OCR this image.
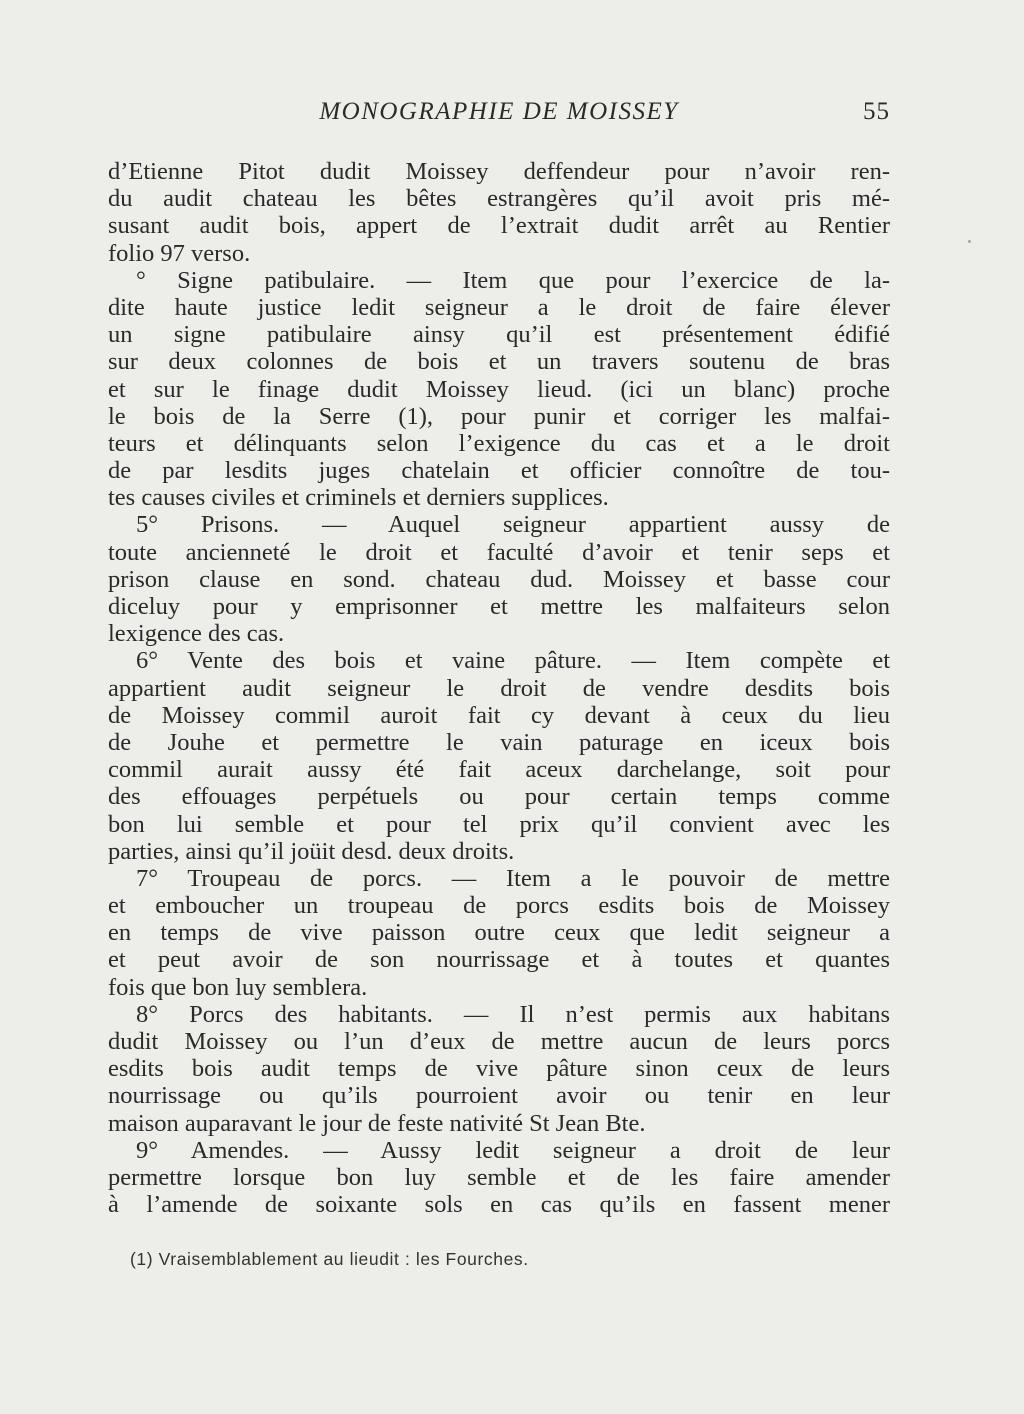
MONOGRAPHIE DE MOISSEY	55
d’Etienne Pitot dudit Moissey deffendeur pour n’avoir ren-
du audit chateau les bêtes estrangères qu’il avoit pris mé-
susant audit bois, appert de l’extrait dudit arrêt au Rentier
folio 97 verso.
° Signe patibulaire. — Item que pour l’exercice de la-
dite haute justice ledit seigneur a le droit de faire élever
un signe patibulaire ainsy qu’il est présentement édifié
sur deux colonnes de bois et un travers soutenu de bras
et sur le finage dudit Moissey lieud. (ici un blanc) proche
le bois de la Serre (1), pour punir et corriger les malfai-
teurs et délinquants selon l’exigence du cas et a le droit
de par lesdits juges chatelain et officier connoître de tou-
tes causes civiles et criminels et derniers supplices.
5° Prisons. — Auquel seigneur appartient aussy de
toute ancienneté le droit et faculté d’avoir et tenir seps et
prison clause en sond. chateau dud. Moissey et basse cour
diceluy pour y emprisonner et mettre les malfaiteurs selon
lexigence des cas.
6° Vente des bois et vaine pâture. — Item compète et
appartient audit seigneur le droit de vendre desdits bois
de Moissey commil auroit fait cy devant à ceux du lieu
de Jouhe et permettre le vain paturage en iceux bois
commil aurait aussy été fait aceux darchelange, soit pour
des effouages perpétuels ou pour certain temps comme
bon lui semble et pour tel prix qu’il convient avec les
parties, ainsi qu’il joüit desd. deux droits.
7° Troupeau de porcs. — Item a le pouvoir de mettre
et emboucher un troupeau de porcs esdits bois de Moissey
en temps de vive paisson outre ceux que ledit seigneur a
et peut avoir de son nourrissage et à toutes et quantes
fois que bon luy semblera.
8° Porcs des habitants. — Il n’est permis aux habitans
dudit Moissey ou l’un d’eux de mettre aucun de leurs porcs
esdits bois audit temps de vive pâture sinon ceux de leurs
nourrissage ou qu’ils pourroient avoir ou tenir en leur
maison auparavant le jour de feste nativité St Jean Bte.
9° Amendes. — Aussy ledit seigneur a droit de leur
permettre lorsque bon luy semble et de les faire amender
à l’amende de soixante sols en cas qu’ils en fassent mener
(1) Vraisemblablement au lieudit : les Fourches.
